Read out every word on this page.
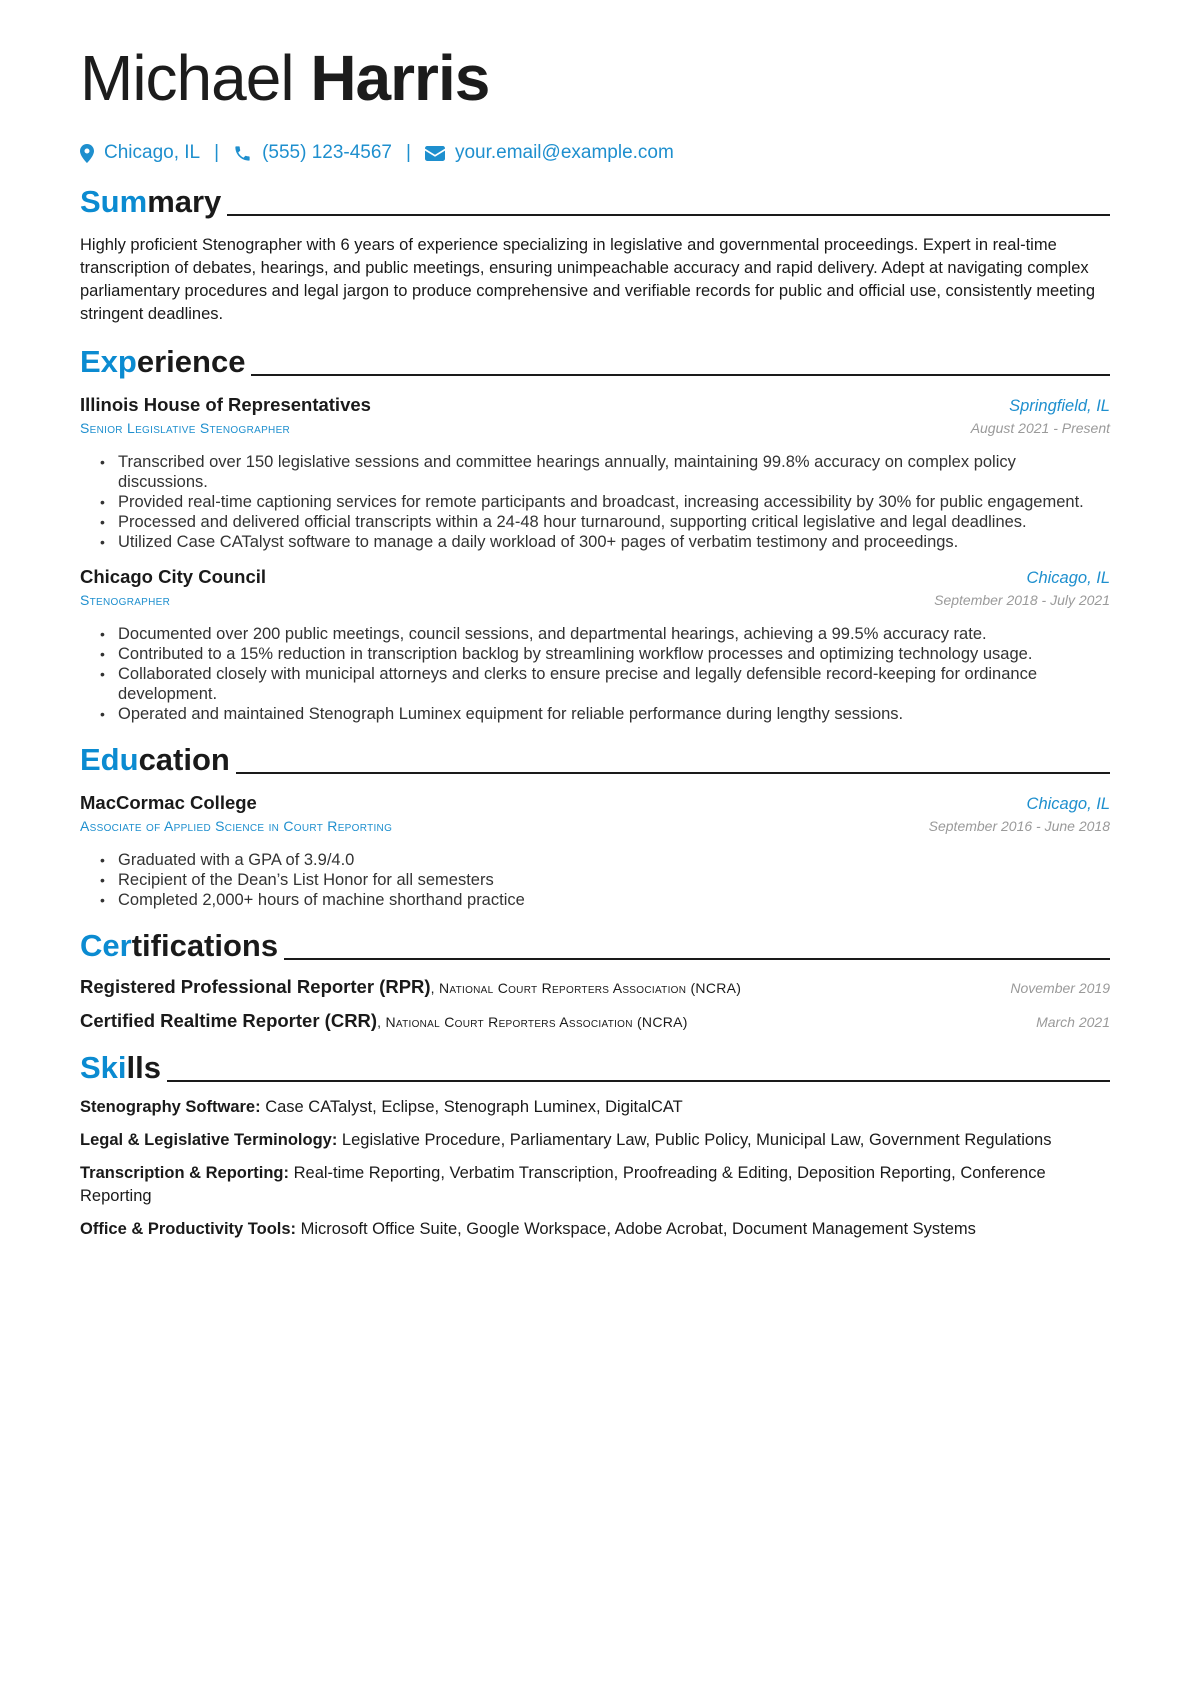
Michael Harris
Chicago, IL | (555) 123-4567 | your.email@example.com
Summary

Highly proficient Stenographer with 6 years of experience specializing in legislative and governmental proceedings. Expert in real-time transcription of debates, hearings, and public meetings, ensuring unimpeachable accuracy and rapid delivery. Adept at navigating complex parliamentary procedures and legal jargon to produce comprehensive and verifiable records for public and official use, consistently meeting stringent deadlines.

Experience
Illinois House of Representatives	Springfield, IL
Senior Legislative Stenographer	August 2021 - Present
• Transcribed over 150 legislative sessions and committee hearings annually, maintaining 99.8% accuracy on complex policy discussions.
• Provided real-time captioning services for remote participants and broadcast, increasing accessibility by 30% for public engagement.
• Processed and delivered official transcripts within a 24-48 hour turnaround, supporting critical legislative and legal deadlines.
• Utilized Case CATalyst software to manage a daily workload of 300+ pages of verbatim testimony and proceedings.
Chicago City Council	Chicago, IL
Stenographer	September 2018 - July 2021
• Documented over 200 public meetings, council sessions, and departmental hearings, achieving a 99.5% accuracy rate.
• Contributed to a 15% reduction in transcription backlog by streamlining workflow processes and optimizing technology usage.
• Collaborated closely with municipal attorneys and clerks to ensure precise and legally defensible record-keeping for ordinance development.
• Operated and maintained Stenograph Luminex equipment for reliable performance during lengthy sessions.
Education
MacCormac College	Chicago, IL
Associate of Applied Science in Court Reporting	September 2016 - June 2018
• Graduated with a GPA of 3.9/4.0
• Recipient of the Dean’s List Honor for all semesters
• Completed 2,000+ hours of machine shorthand practice
Certifications
Registered Professional Reporter (RPR), National Court Reporters Association (NCRA)	November 2019
Certified Realtime Reporter (CRR), National Court Reporters Association (NCRA)	March 2021
Skills
Stenography Software: Case CATalyst, Eclipse, Stenograph Luminex, DigitalCAT
Legal & Legislative Terminology: Legislative Procedure, Parliamentary Law, Public Policy, Municipal Law, Government Regulations
Transcription & Reporting: Real-time Reporting, Verbatim Transcription, Proofreading & Editing, Deposition Reporting, Conference Reporting
Office & Productivity Tools: Microsoft Office Suite, Google Workspace, Adobe Acrobat, Document Management Systems
